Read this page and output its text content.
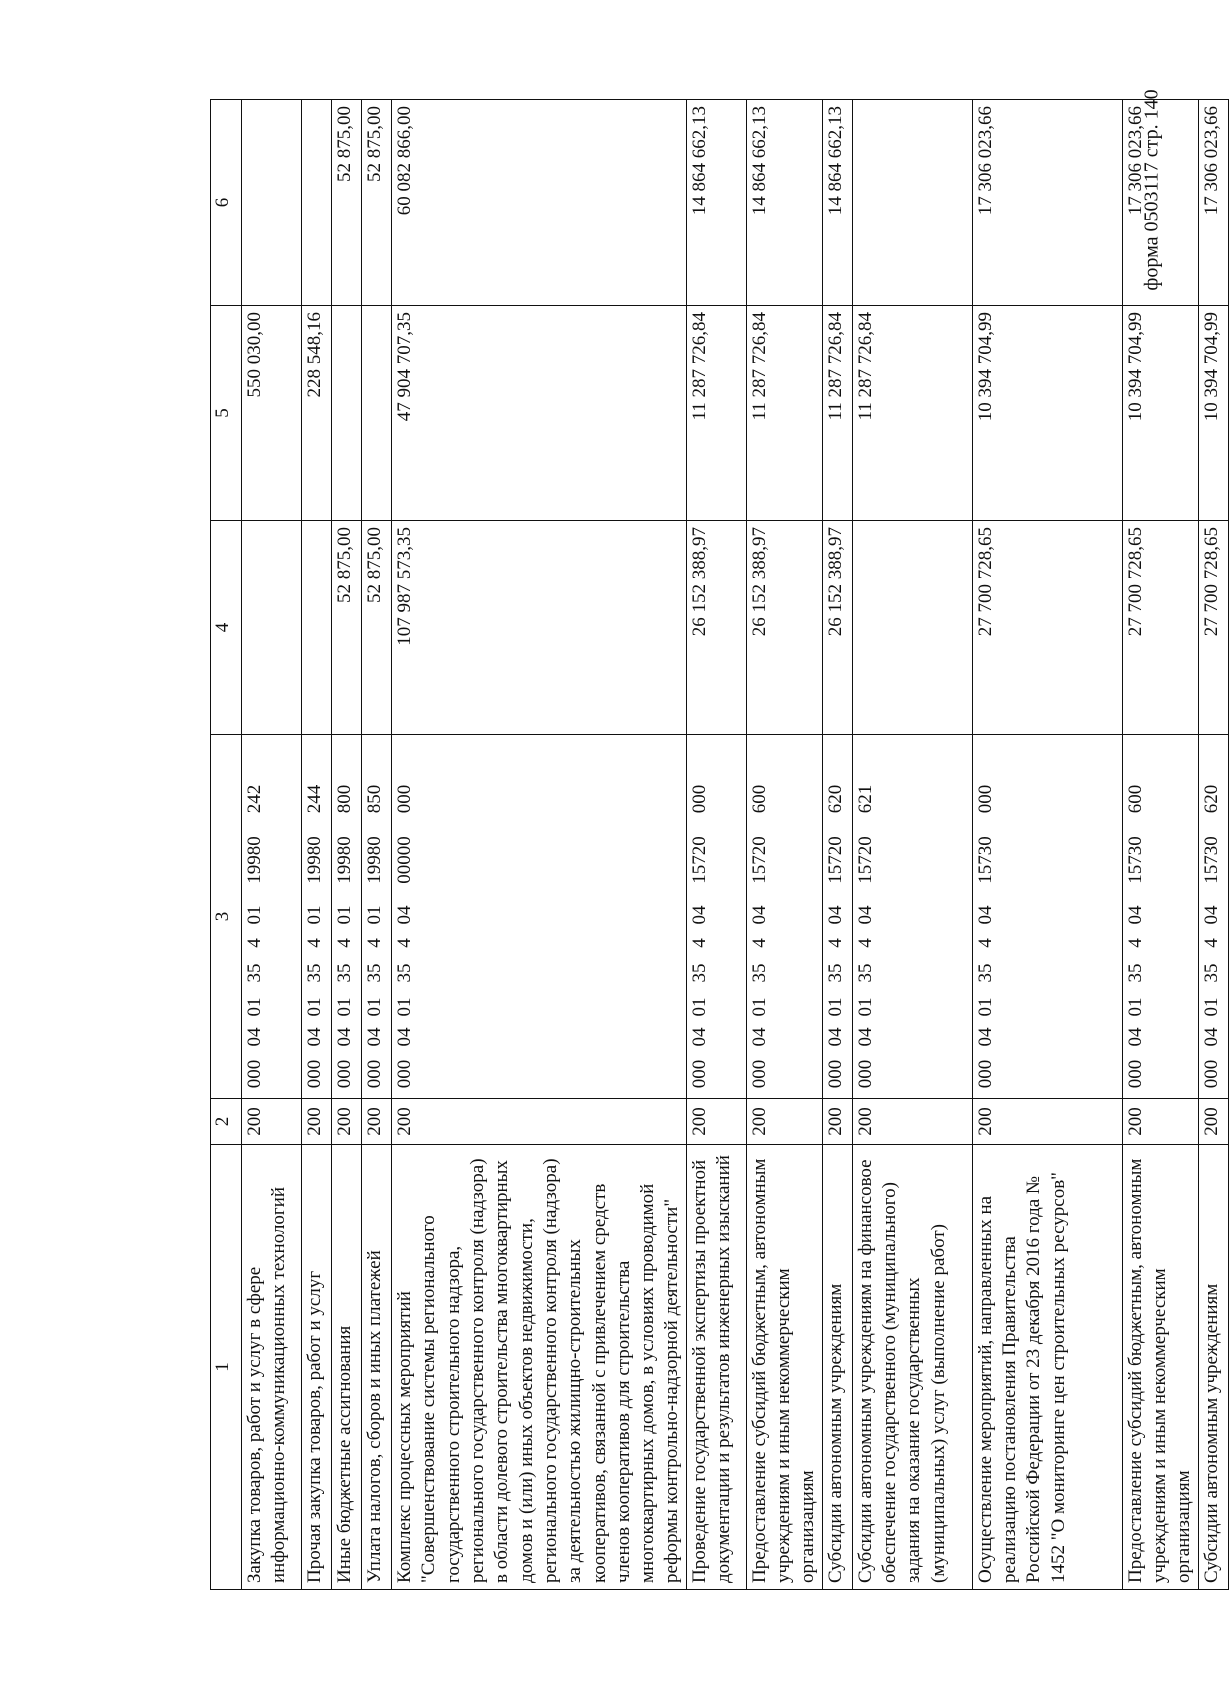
форма 0503117 стр. 140
1	2	3	4	5	6
Закупка товаров, работ и услуг в сфере информационно-коммуникационных технологий	200	00004013540119980242		550 030,00	
Прочая закупка товаров, работ и услуг	200	00004013540119980244		228 548,16	
Иные бюджетные ассигнования	200	00004013540119980800	52 875,00		52 875,00
Уплата налогов, сборов и иных платежей	200	00004013540119980850	52 875,00		52 875,00
Комплекс процессных мероприятий "Совершенствование системы регионального государственного строительного надзора, регионального государственного контроля (надзора) в области долевого строительства многоквартирных домов и (или) иных объектов недвижимости, регионального государственного контроля (надзора) за деятельностью жилищно-строительных кооперативов, связанной с привлечением средств членов кооперативов для строительства многоквартирных домов, в условиях проводимой реформы контрольно-надзорной деятельности"	200	00004013540400000000	107 987 573,35	47 904 707,35	60 082 866,00
Проведение государственной экспертизы проектной документации и результатов инженерных изысканий	200	00004013540415720000	26 152 388,97	11 287 726,84	14 864 662,13
Предоставление субсидий бюджетным, автономным учреждениям и иным некоммерческим организациям	200	00004013540415720600	26 152 388,97	11 287 726,84	14 864 662,13
Субсидии автономным учреждениям	200	00004013540415720620	26 152 388,97	11 287 726,84	14 864 662,13
Субсидии автономным учреждениям на финансовое обеспечение государственного (муниципального) задания на оказание государственных (муниципальных) услуг (выполнение работ)	200	00004013540415720621		11 287 726,84	
Осуществление мероприятий, направленных на реализацию постановления Правительства Российской Федерации от 23 декабря 2016 года № 1452 "О мониторинге цен строительных ресурсов"	200	00004013540415730000	27 700 728,65	10 394 704,99	17 306 023,66
Предоставление субсидий бюджетным, автономным учреждениям и иным некоммерческим организациям	200	00004013540415730600	27 700 728,65	10 394 704,99	17 306 023,66
Субсидии автономным учреждениям	200	00004013540415730620	27 700 728,65	10 394 704,99	17 306 023,66
